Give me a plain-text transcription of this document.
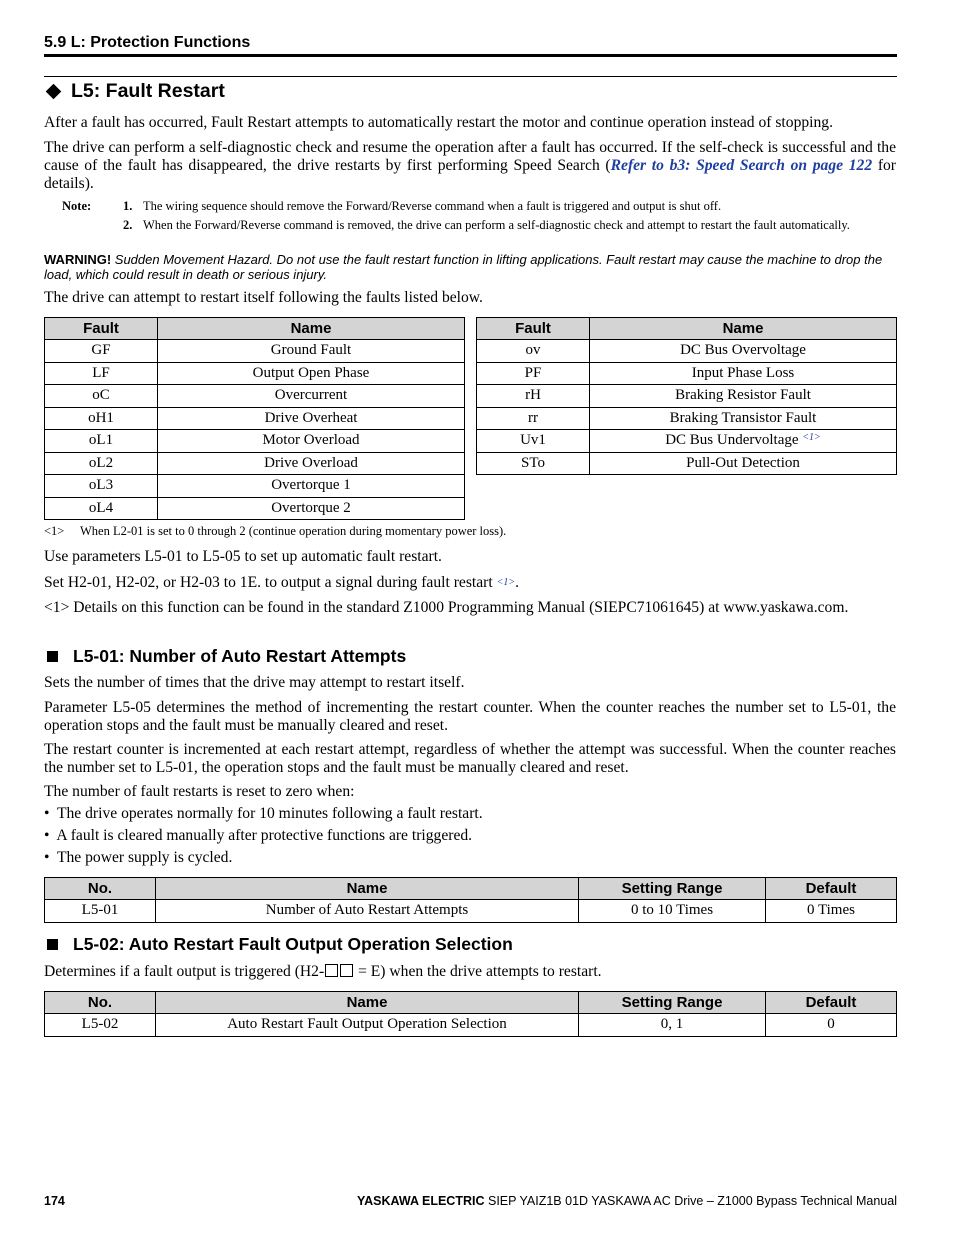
5.9 L: Protection Functions
L5: Fault Restart
After a fault has occurred, Fault Restart attempts to automatically restart the motor and continue operation instead of stopping.
The drive can perform a self-diagnostic check and resume the operation after a fault has occurred. If the self-check is successful and the cause of the fault has disappeared, the drive restarts by first performing Speed Search (Refer to b3: Speed Search on page 122 for details).
Note:	1. The wiring sequence should remove the Forward/Reverse command when a fault is triggered and output is shut off.
2. When the Forward/Reverse command is removed, the drive can perform a self-diagnostic check and attempt to restart the fault automatically.
WARNING! Sudden Movement Hazard. Do not use the fault restart function in lifting applications. Fault restart may cause the machine to drop the load, which could result in death or serious injury.
The drive can attempt to restart itself following the faults listed below.
Fault	Name
GF	Ground Fault
LF	Output Open Phase
oC	Overcurrent
oH1	Drive Overheat
oL1	Motor Overload
oL2	Drive Overload
oL3	Overtorque 1
oL4	Overtorque 2
Fault	Name
ov	DC Bus Overvoltage
PF	Input Phase Loss
rH	Braking Resistor Fault
rr	Braking Transistor Fault
Uv1	DC Bus Undervoltage $^{<1>}$
STo	Pull-Out Detection
<1> When L2-01 is set to 0 through 2 (continue operation during momentary power loss).
Use parameters L5-01 to L5-05 to set up automatic fault restart.
Set H2-01, H2-02, or H2-03 to 1E. to output a signal during fault restart $^{<1>}$.
<1> Details on this function can be found in the standard Z1000 Programming Manual (SIEPC71061645) at www.yaskawa.com.
L5-01: Number of Auto Restart Attempts
Sets the number of times that the drive may attempt to restart itself.
Parameter L5-05 determines the method of incrementing the restart counter. When the counter reaches the number set to L5-01, the operation stops and the fault must be manually cleared and reset.
The restart counter is incremented at each restart attempt, regardless of whether the attempt was successful. When the counter reaches the number set to L5-01, the operation stops and the fault must be manually cleared and reset.
The number of fault restarts is reset to zero when:
•  The drive operates normally for 10 minutes following a fault restart.
•  A fault is cleared manually after protective functions are triggered.
•  The power supply is cycled.
No.	Name	Setting Range	Default
L5-01	Number of Auto Restart Attempts	0 to 10 Times	0 Times
L5-02: Auto Restart Fault Output Operation Selection
Determines if a fault output is triggered (H2- = E) when the drive attempts to restart.
No.	Name	Setting Range	Default
L5-02	Auto Restart Fault Output Operation Selection	0, 1	0
174	YASKAWA ELECTRIC SIEP YAIZ1B 01D YASKAWA AC Drive – Z1000 Bypass Technical Manual
